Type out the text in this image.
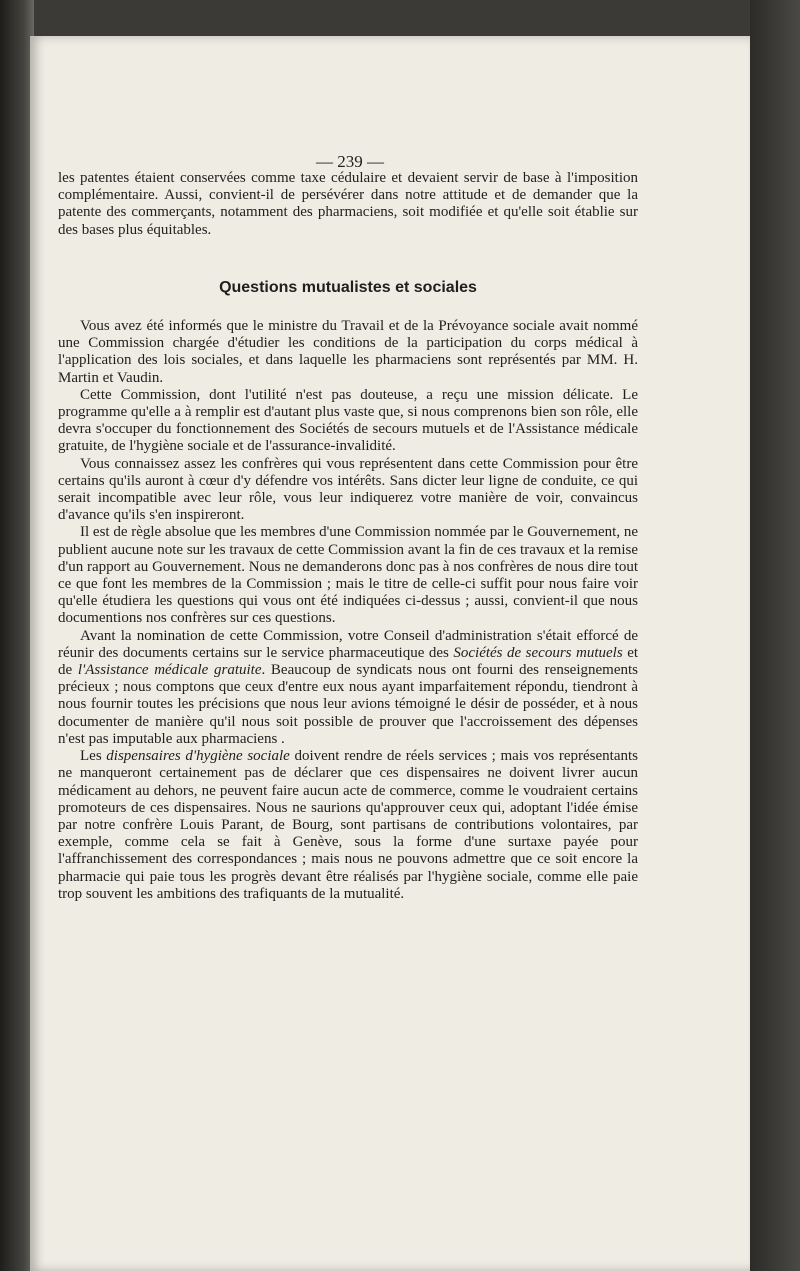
— 239 —

les patentes étaient conservées comme taxe cédulaire et devaient servir de base à l'imposition complémentaire. Aussi, convient-il de persévérer dans notre attitude et de demander que la patente des commerçants, notamment des pharmaciens, soit modifiée et qu'elle soit établie sur des bases plus équitables.

Questions mutualistes et sociales

Vous avez été informés que le ministre du Travail et de la Prévoyance sociale avait nommé une Commission chargée d'étudier les conditions de la participation du corps médical à l'application des lois sociales, et dans laquelle les pharmaciens sont représentés par MM. H. Martin et Vaudin.

Cette Commission, dont l'utilité n'est pas douteuse, a reçu une mission délicate. Le programme qu'elle a à remplir est d'autant plus vaste que, si nous comprenons bien son rôle, elle devra s'occuper du fonctionnement des Sociétés de secours mutuels et de l'Assistance médicale gratuite, de l'hygiène sociale et de l'assurance-invalidité.

Vous connaissez assez les confrères qui vous représentent dans cette Commission pour être certains qu'ils auront à cœur d'y défendre vos intérêts. Sans dicter leur ligne de conduite, ce qui serait incompatible avec leur rôle, vous leur indiquerez votre manière de voir, convaincus d'avance qu'ils s'en inspireront.

Il est de règle absolue que les membres d'une Commission nommée par le Gouvernement, ne publient aucune note sur les travaux de cette Commission avant la fin de ces travaux et la remise d'un rapport au Gouvernement. Nous ne demanderons donc pas à nos confrères de nous dire tout ce que font les membres de la Commission ; mais le titre de celle-ci suffit pour nous faire voir qu'elle étudiera les questions qui vous ont été indiquées ci-dessus ; aussi, convient-il que nous documentions nos confrères sur ces questions.

Avant la nomination de cette Commission, votre Conseil d'administration s'était efforcé de réunir des documents certains sur le service pharmaceutique des Sociétés de secours mutuels et de l'Assistance médicale gratuite. Beaucoup de syndicats nous ont fourni des renseignements précieux ; nous comptons que ceux d'entre eux nous ayant imparfaitement répondu, tiendront à nous fournir toutes les précisions que nous leur avions témoigné le désir de posséder, et à nous documenter de manière qu'il nous soit possible de prouver que l'accroissement des dépenses n'est pas imputable aux pharmaciens .

Les dispensaires d'hygiène sociale doivent rendre de réels services ; mais vos représentants ne manqueront certainement pas de déclarer que ces dispensaires ne doivent livrer aucun médicament au dehors, ne peuvent faire aucun acte de commerce, comme le voudraient certains promoteurs de ces dispensaires. Nous ne saurions qu'approuver ceux qui, adoptant l'idée émise par notre confrère Louis Parant, de Bourg, sont partisans de contributions volontaires, par exemple, comme cela se fait à Genève, sous la forme d'une surtaxe payée pour l'affranchissement des correspondances ; mais nous ne pouvons admettre que ce soit encore la pharmacie qui paie tous les progrès devant être réalisés par l'hygiène sociale, comme elle paie trop souvent les ambitions des trafiquants de la mutualité.
